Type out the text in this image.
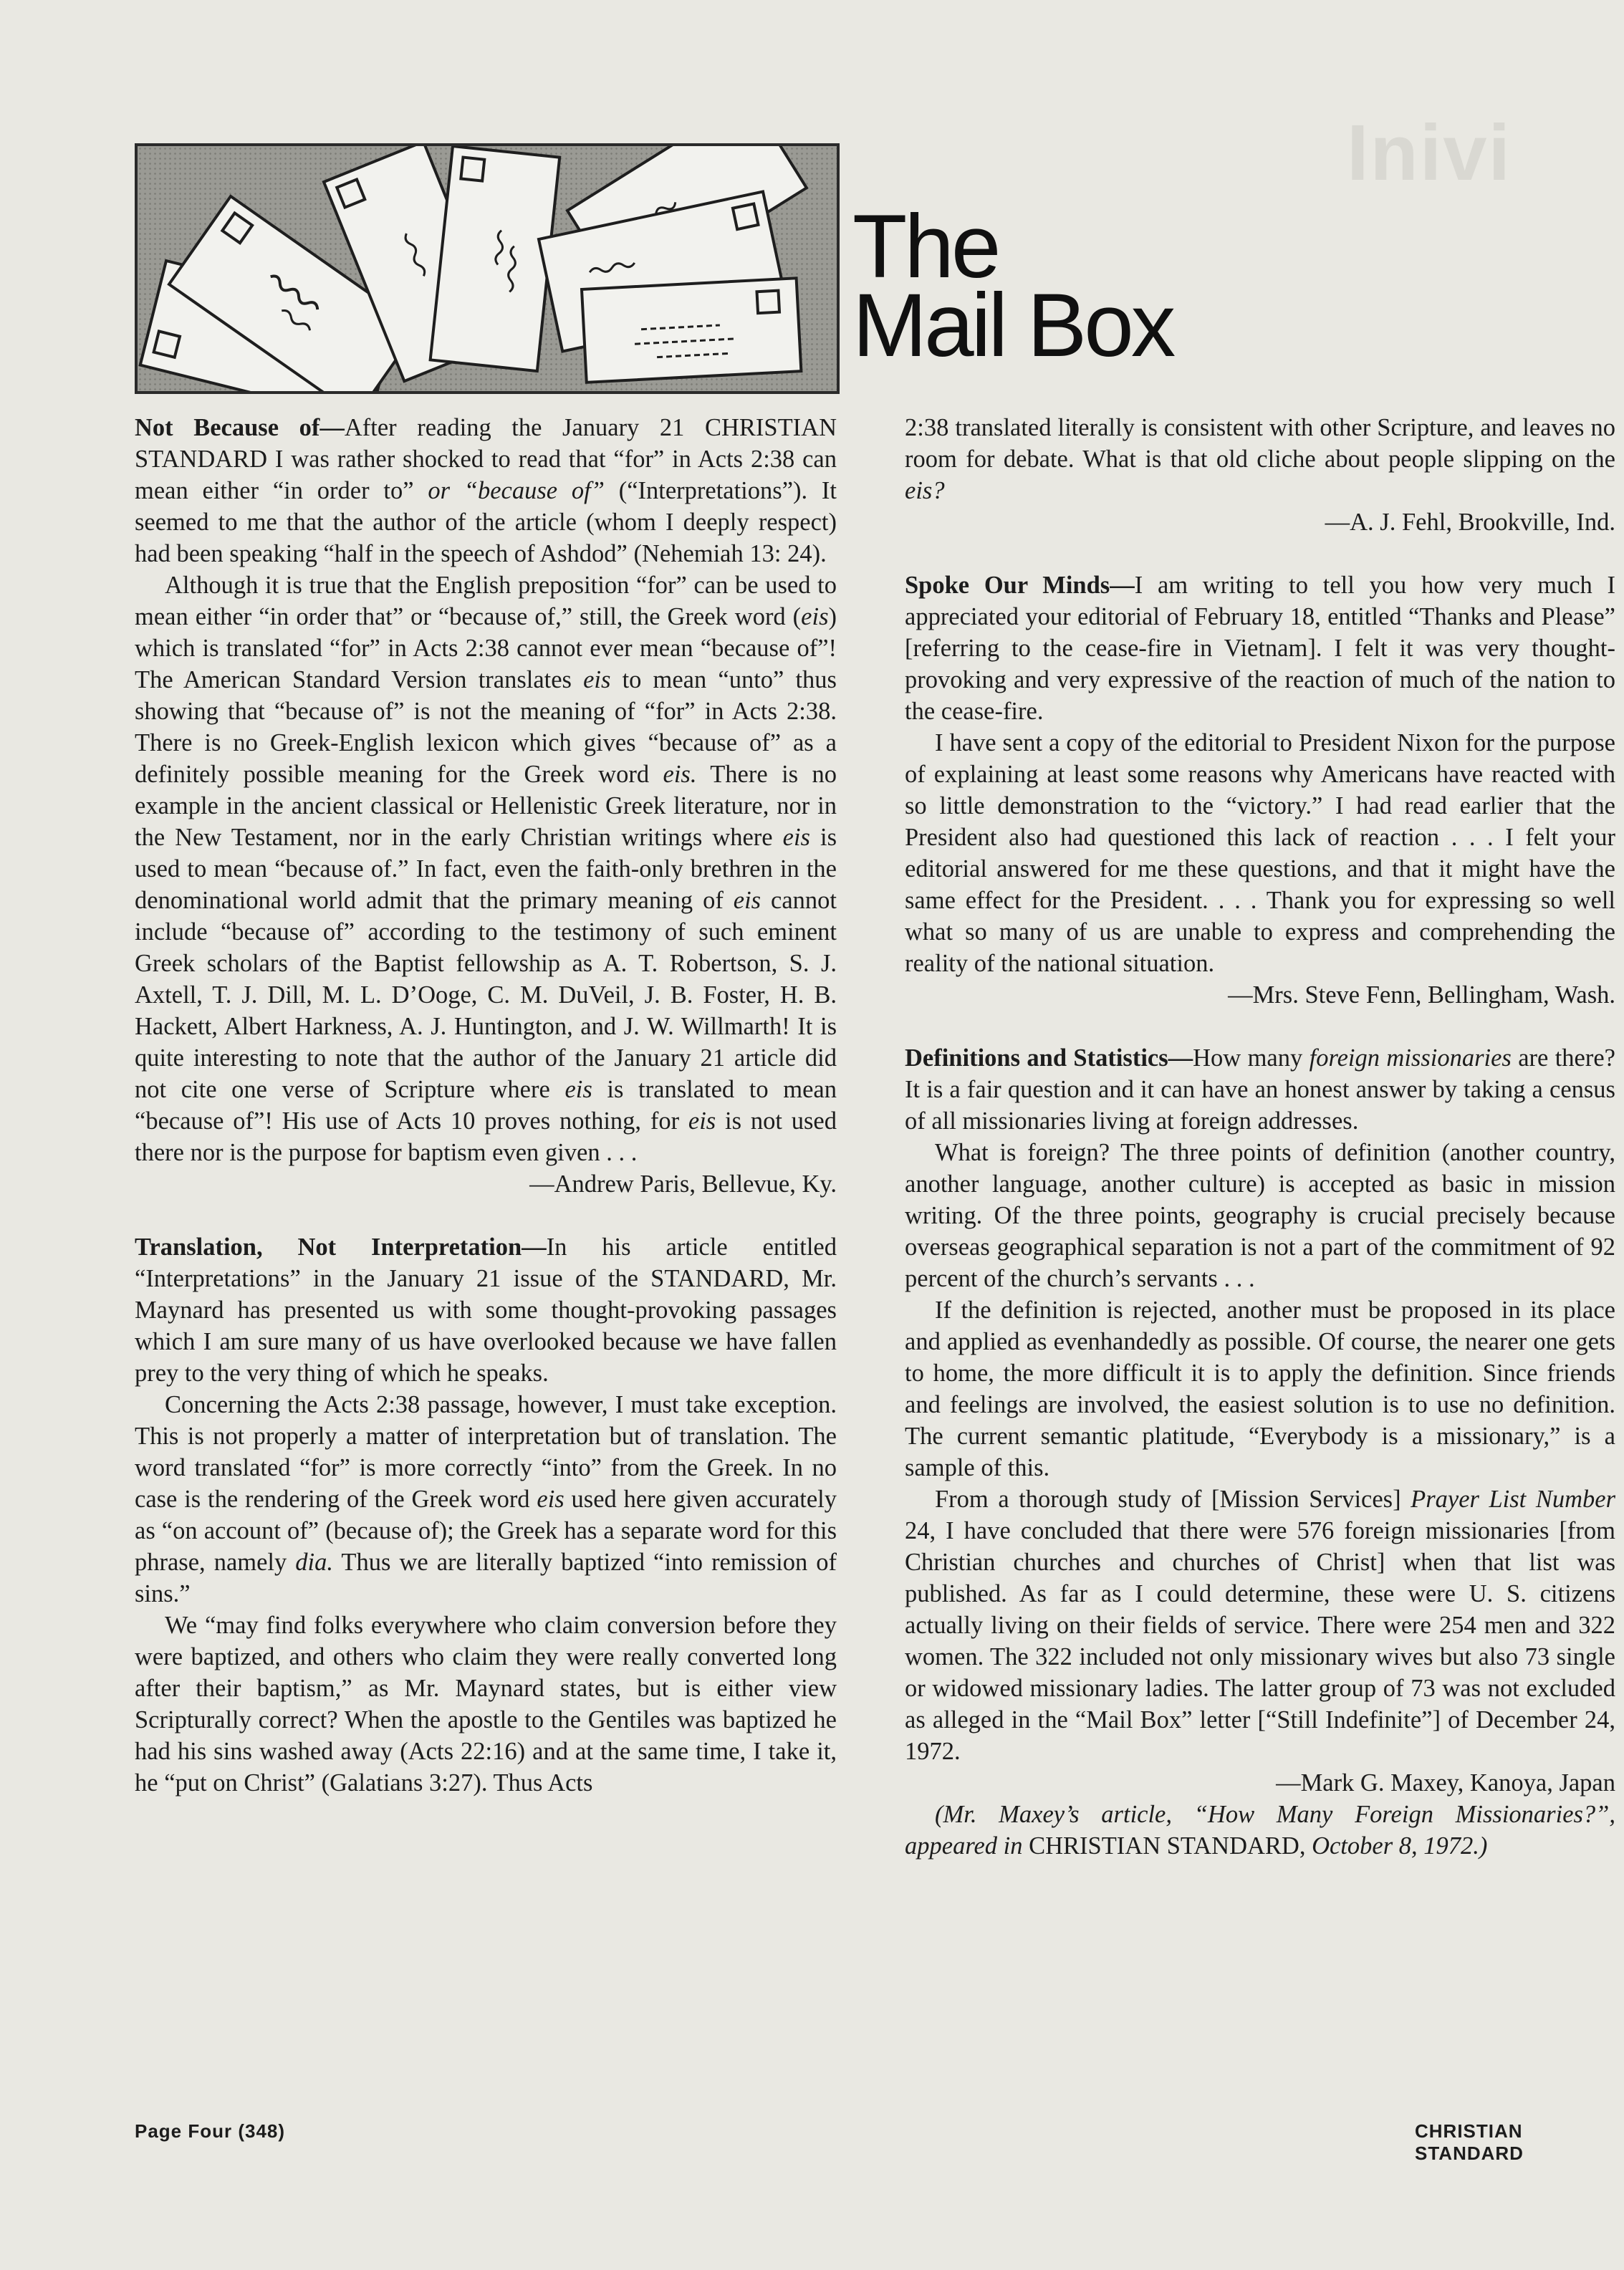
Inivi
The
Mail Box

Not Because of—After reading the January 21 CHRISTIAN STANDARD I was rather shocked to read that “for” in Acts 2:38 can mean either “in order to” or “because of” (“Interpretations”). It seemed to me that the author of the article (whom I deeply respect) had been speaking “half in the speech of Ashdod” (Nehemiah 13: 24).

Although it is true that the English preposition “for” can be used to mean either “in order that” or “because of,” still, the Greek word (eis) which is translated “for” in Acts 2:38 cannot ever mean “because of”! The American Standard Version translates eis to mean “unto” thus showing that “because of” is not the meaning of “for” in Acts 2:38. There is no Greek-English lexicon which gives “because of” as a definitely possible meaning for the Greek word eis. There is no example in the ancient classical or Hellenistic Greek literature, nor in the New Testament, nor in the early Christian writings where eis is used to mean “because of.” In fact, even the faith-only brethren in the denominational world admit that the primary meaning of eis cannot include “because of” according to the testimony of such eminent Greek scholars of the Baptist fellowship as A. T. Robertson, S. J. Axtell, T. J. Dill, M. L. D’Ooge, C. M. DuVeil, J. B. Foster, H. B. Hackett, Albert Harkness, A. J. Huntington, and J. W. Willmarth! It is quite interesting to note that the author of the January 21 article did not cite one verse of Scripture where eis is translated to mean “because of”! His use of Acts 10 proves nothing, for eis is not used there nor is the purpose for baptism even given . . .

—Andrew Paris, Bellevue, Ky.

Translation, Not Interpretation—In his article entitled “Interpretations” in the January 21 issue of the STANDARD, Mr. Maynard has presented us with some thought-provoking passages which I am sure many of us have overlooked because we have fallen prey to the very thing of which he speaks.

Concerning the Acts 2:38 passage, however, I must take exception. This is not properly a matter of interpretation but of translation. The word translated “for” is more correctly “into” from the Greek. In no case is the rendering of the Greek word eis used here given accurately as “on account of” (because of); the Greek has a separate word for this phrase, namely dia. Thus we are literally baptized “into remission of sins.”

We “may find folks everywhere who claim conversion before they were baptized, and others who claim they were really converted long after their baptism,” as Mr. Maynard states, but is either view Scripturally correct? When the apostle to the Gentiles was baptized he had his sins washed away (Acts 22:16) and at the same time, I take it, he “put on Christ” (Galatians 3:27). Thus Acts

2:38 translated literally is consistent with other Scripture, and leaves no room for debate. What is that old cliche about people slipping on the eis?

—A. J. Fehl, Brookville, Ind.

Spoke Our Minds—I am writing to tell you how very much I appreciated your editorial of February 18, entitled “Thanks and Please” [referring to the cease-fire in Vietnam]. I felt it was very thought-provoking and very expressive of the reaction of much of the nation to the cease-fire.

I have sent a copy of the editorial to President Nixon for the purpose of explaining at least some reasons why Americans have reacted with so little demonstration to the “victory.” I had read earlier that the President also had questioned this lack of reaction . . . I felt your editorial answered for me these questions, and that it might have the same effect for the President. . . . Thank you for expressing so well what so many of us are unable to express and comprehending the reality of the national situation.

—Mrs. Steve Fenn, Bellingham, Wash.

Definitions and Statistics—How many foreign missionaries are there? It is a fair question and it can have an honest answer by taking a census of all missionaries living at foreign addresses.

What is foreign? The three points of definition (another country, another language, another culture) is accepted as basic in mission writing. Of the three points, geography is crucial precisely because overseas geographical separation is not a part of the commitment of 92 percent of the church’s servants . . .

If the definition is rejected, another must be proposed in its place and applied as evenhandedly as possible. Of course, the nearer one gets to home, the more difficult it is to apply the definition. Since friends and feelings are involved, the easiest solution is to use no definition. The current semantic platitude, “Everybody is a missionary,” is a sample of this.

From a thorough study of [Mission Services] Prayer List Number 24, I have concluded that there were 576 foreign missionaries [from Christian churches and churches of Christ] when that list was published. As far as I could determine, these were U. S. citizens actually living on their fields of service. There were 254 men and 322 women. The 322 included not only missionary wives but also 73 single or widowed missionary ladies. The latter group of 73 was not excluded as alleged in the “Mail Box” letter [“Still Indefinite”] of December 24, 1972.

—Mark G. Maxey, Kanoya, Japan

(Mr. Maxey’s article, “How Many Foreign Missionaries?”, appeared in CHRISTIAN STANDARD, October 8, 1972.)

Page Four (348)	CHRISTIAN STANDARD
